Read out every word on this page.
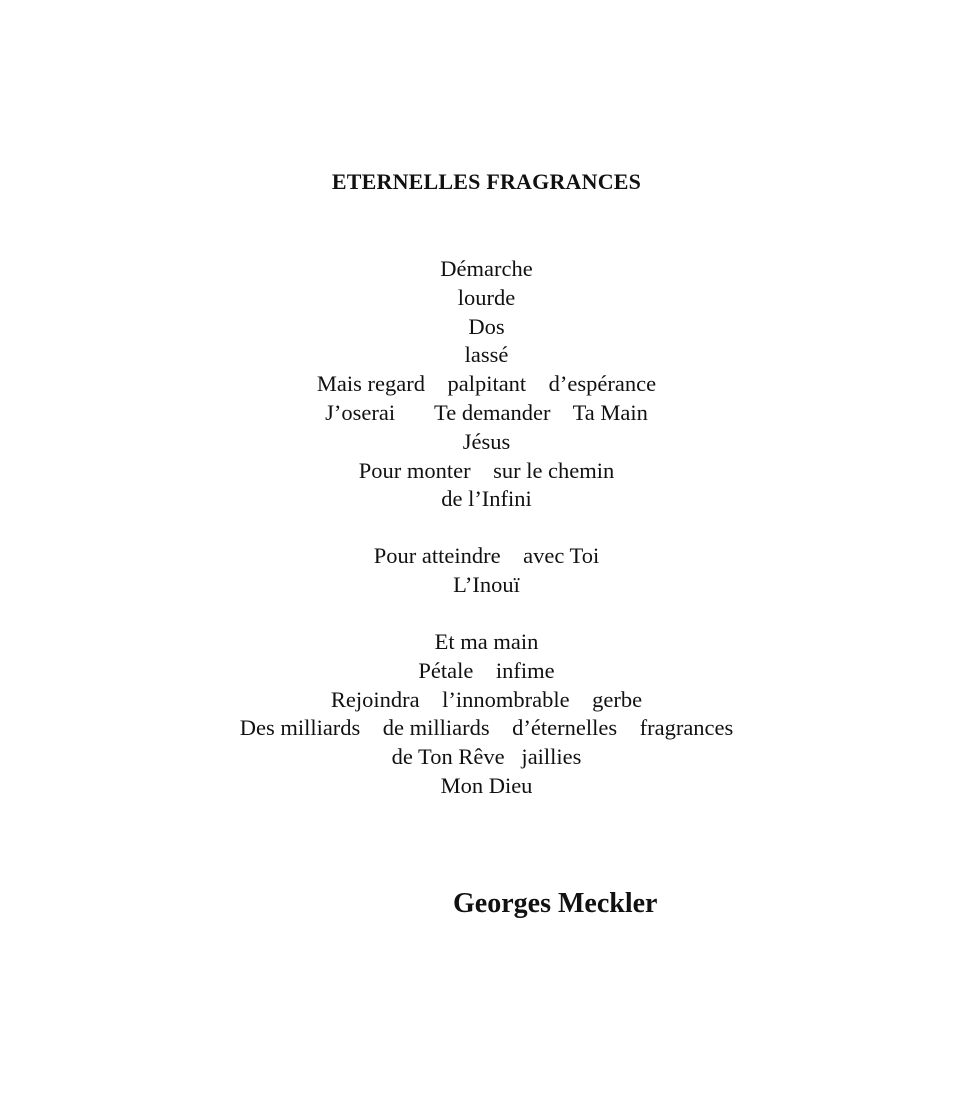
ETERNELLES FRAGRANCES
Démarche
lourde
Dos
lassé
Mais regard    palpitant    d’espérance
J’oserai       Te demander    Ta Main
Jésus
Pour monter    sur le chemin
de l’Infini
Pour atteindre    avec Toi
L’Inouï
Et ma main
Pétale    infime
Rejoindra    l’innombrable    gerbe
Des milliards    de milliards    d’éternelles    fragrances
de Ton Rêve   jaillies
Mon Dieu
Georges Meckler
